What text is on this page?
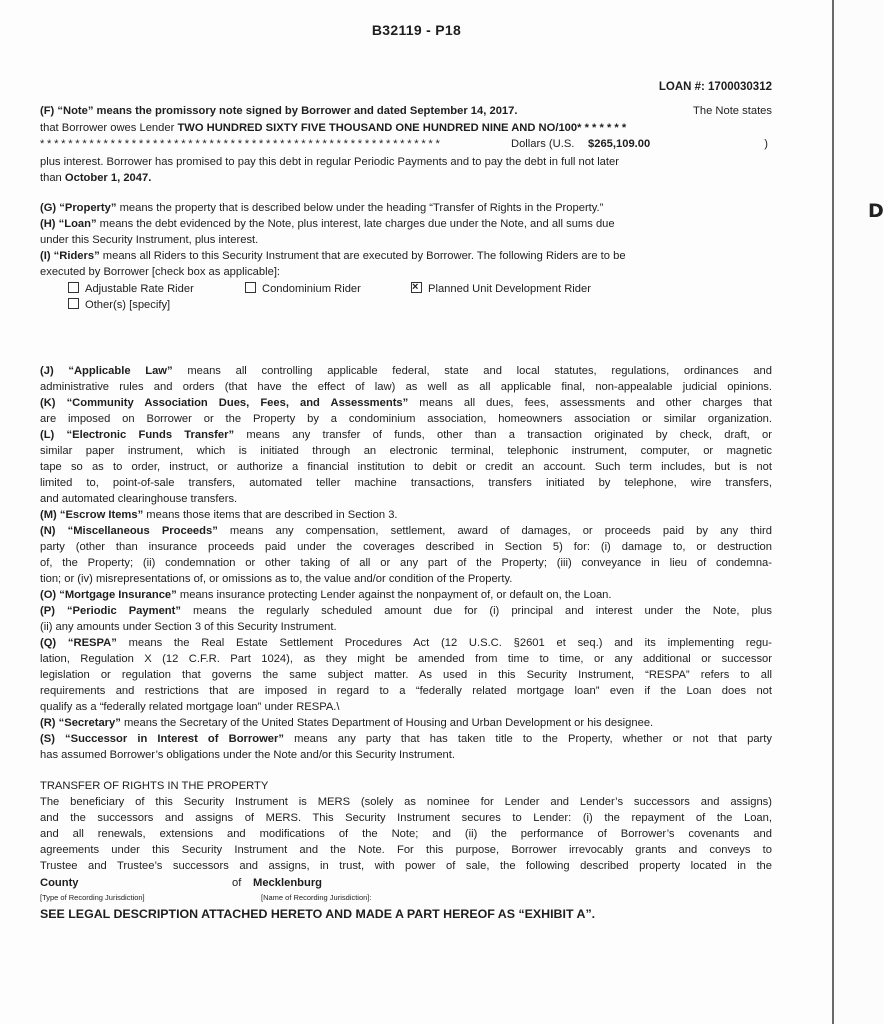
B32119 - P18
LOAN #: 1700030312
(F) “Note” means the promissory note signed by Borrower and dated September 14, 2017.	The Note states
that Borrower owes Lender TWO HUNDRED SIXTY FIVE THOUSAND ONE HUNDRED NINE AND NO/100* * * * * * *
* * * * * * * * * * * * * * * * * * * * * * * * * * * * * * * * * * * * * * * * * * * * * * * * * * * * * * * * *	Dollars (U.S. $265,109.00	)
plus interest. Borrower has promised to pay this debt in regular Periodic Payments and to pay the debt in full not later
than October 1, 2047.
(G) “Property” means the property that is described below under the heading “Transfer of Rights in the Property.”
(H) “Loan” means the debt evidenced by the Note, plus interest, late charges due under the Note, and all sums due
under this Security Instrument, plus interest.
(I) “Riders” means all Riders to this Security Instrument that are executed by Borrower. The following Riders are to be
executed by Borrower [check box as applicable]:
Adjustable Rate Rider	Condominium Rider ×	Planned Unit Development Rider
Other(s) [specify]
(J) “Applicable Law” means all controlling applicable federal, state and local statutes, regulations, ordinances and
administrative rules and orders (that have the effect of law) as well as all applicable final, non-appealable judicial opinions.
(K) “Community Association Dues, Fees, and Assessments” means all dues, fees, assessments and other charges that
are imposed on Borrower or the Property by a condominium association, homeowners association or similar organization.
(L) “Electronic Funds Transfer” means any transfer of funds, other than a transaction originated by check, draft, or
similar paper instrument, which is initiated through an electronic terminal, telephonic instrument, computer, or magnetic
tape so as to order, instruct, or authorize a financial institution to debit or credit an account. Such term includes, but is not
limited to, point-of-sale transfers, automated teller machine transactions, transfers initiated by telephone, wire transfers,
and automated clearinghouse transfers.
(M) “Escrow Items” means those items that are described in Section 3.
(N) “Miscellaneous Proceeds” means any compensation, settlement, award of damages, or proceeds paid by any third
party (other than insurance proceeds paid under the coverages described in Section 5) for: (i) damage to, or destruction
of, the Property; (ii) condemnation or other taking of all or any part of the Property; (iii) conveyance in lieu of condemna-
tion; or (iv) misrepresentations of, or omissions as to, the value and/or condition of the Property.
(O) “Mortgage Insurance” means insurance protecting Lender against the nonpayment of, or default on, the Loan.
(P) “Periodic Payment” means the regularly scheduled amount due for (i) principal and interest under the Note, plus
(ii) any amounts under Section 3 of this Security Instrument.
(Q) “RESPA” means the Real Estate Settlement Procedures Act (12 U.S.C. §2601 et seq.) and its implementing regu-
lation, Regulation X (12 C.F.R. Part 1024), as they might be amended from time to time, or any additional or successor
legislation or regulation that governs the same subject matter. As used in this Security Instrument, “RESPA” refers to all
requirements and restrictions that are imposed in regard to a “federally related mortgage loan” even if the Loan does not
qualify as a “federally related mortgage loan” under RESPA.\
(R) “Secretary” means the Secretary of the United States Department of Housing and Urban Development or his designee.
(S) “Successor in Interest of Borrower” means any party that has taken title to the Property, whether or not that party
has assumed Borrower’s obligations under the Note and/or this Security Instrument.
TRANSFER OF RIGHTS IN THE PROPERTY
The beneficiary of this Security Instrument is MERS (solely as nominee for Lender and Lender’s successors and assigns)
and the successors and assigns of MERS. This Security Instrument secures to Lender: (i) the repayment of the Loan,
and all renewals, extensions and modifications of the Note; and (ii) the performance of Borrower’s covenants and
agreements under this Security Instrument and the Note. For this purpose, Borrower irrevocably grants and conveys to
Trustee and Trustee’s successors and assigns, in trust, with power of sale, the following described property located in the
County	of Mecklenburg
[Type of Recording Jurisdiction]	[Name of Recording Jurisdiction]:
SEE LEGAL DESCRIPTION ATTACHED HERETO AND MADE A PART HEREOF AS “EXHIBIT A”.
D
